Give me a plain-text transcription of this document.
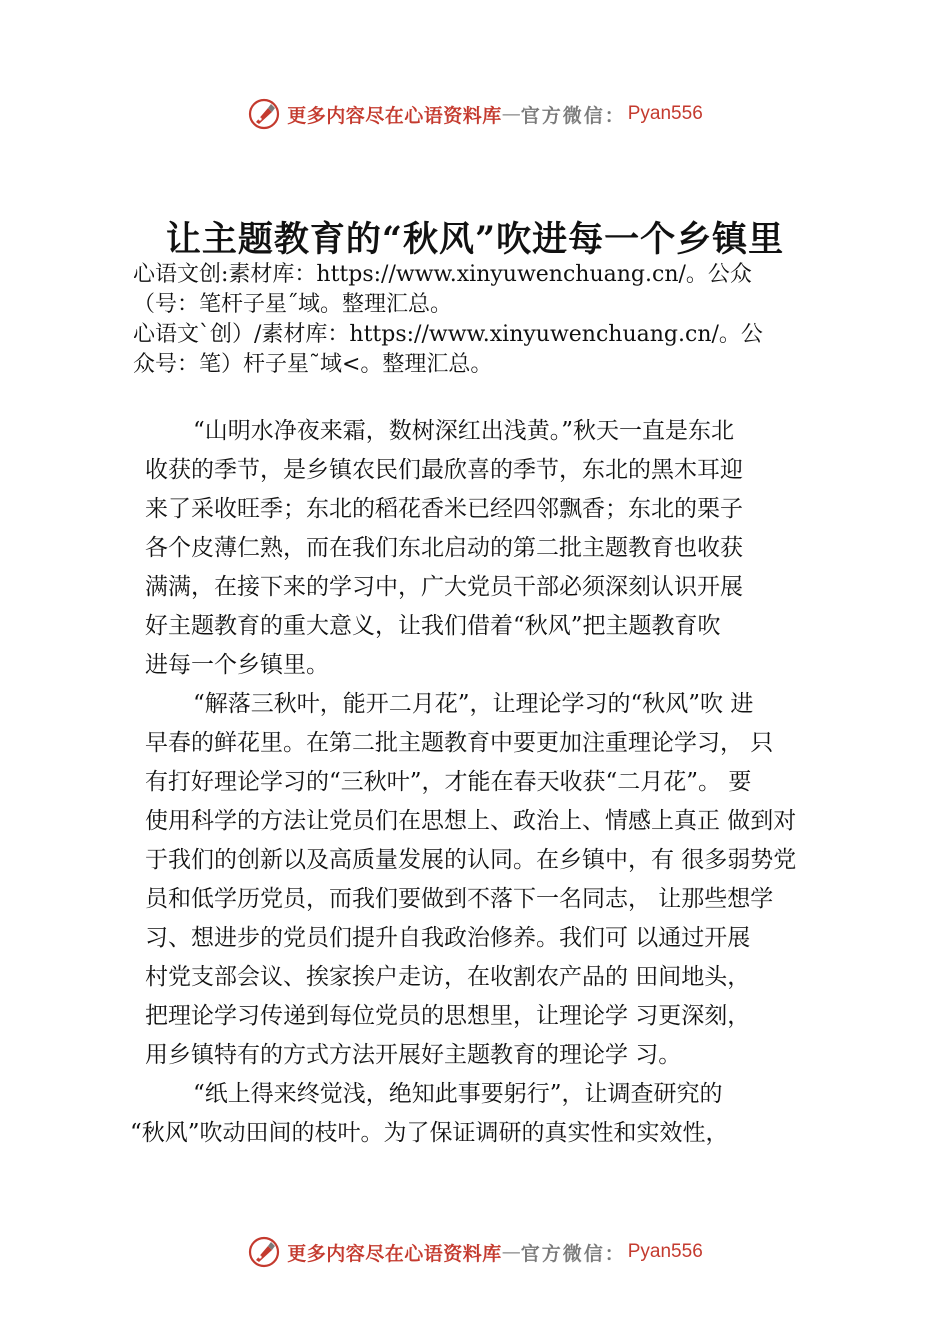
更多内容尽在心语资料库 — 官方微信： Pyan556
让主题教育的“秋风”吹进每一个乡镇里
心语文创:素材库：https://www.xinyuwenchuang.cn/。公众
（号：笔杆子星˝域。整理汇总。
心语文`创）/素材库：https://www.xinyuwenchuang.cn/。公
众号：笔）杆子星˜域<。整理汇总。
“山明水净夜来霜，数树深红出浅黄。”秋天一直是东北
收获的季节，是乡镇农民们最欣喜的季节，东北的黑木耳迎
来了采收旺季；东北的稻花香米已经四邻飘香；东北的栗子
各个皮薄仁熟，而在我们东北启动的第二批主题教育也收获
满满，在接下来的学习中，广大党员干部必须深刻认识开展
好主题教育的重大意义，让我们借着“秋风”把主题教育吹
进每一个乡镇里。
“解落三秋叶，能开二月花”，让理论学习的“秋风”吹 进
早春的鲜花里。在第二批主题教育中要更加注重理论学习， 只
有打好理论学习的“三秋叶”，才能在春天收获“二月花”。 要
使用科学的方法让党员们在思想上、政治上、情感上真正 做到对
于我们的创新以及高质量发展的认同。在乡镇中，有 很多弱势党
员和低学历党员，而我们要做到不落下一名同志， 让那些想学
习、想进步的党员们提升自我政治修养。我们可 以通过开展
村党支部会议、挨家挨户走访，在收割农产品的 田间地头，
把理论学习传递到每位党员的思想里，让理论学 习更深刻，
用乡镇特有的方式方法开展好主题教育的理论学 习。
“纸上得来终觉浅，绝知此事要躬行”，让调查研究的
“秋风”吹动田间的枝叶。为了保证调研的真实性和实效性，
更多内容尽在心语资料库 — 官方微信： Pyan556
